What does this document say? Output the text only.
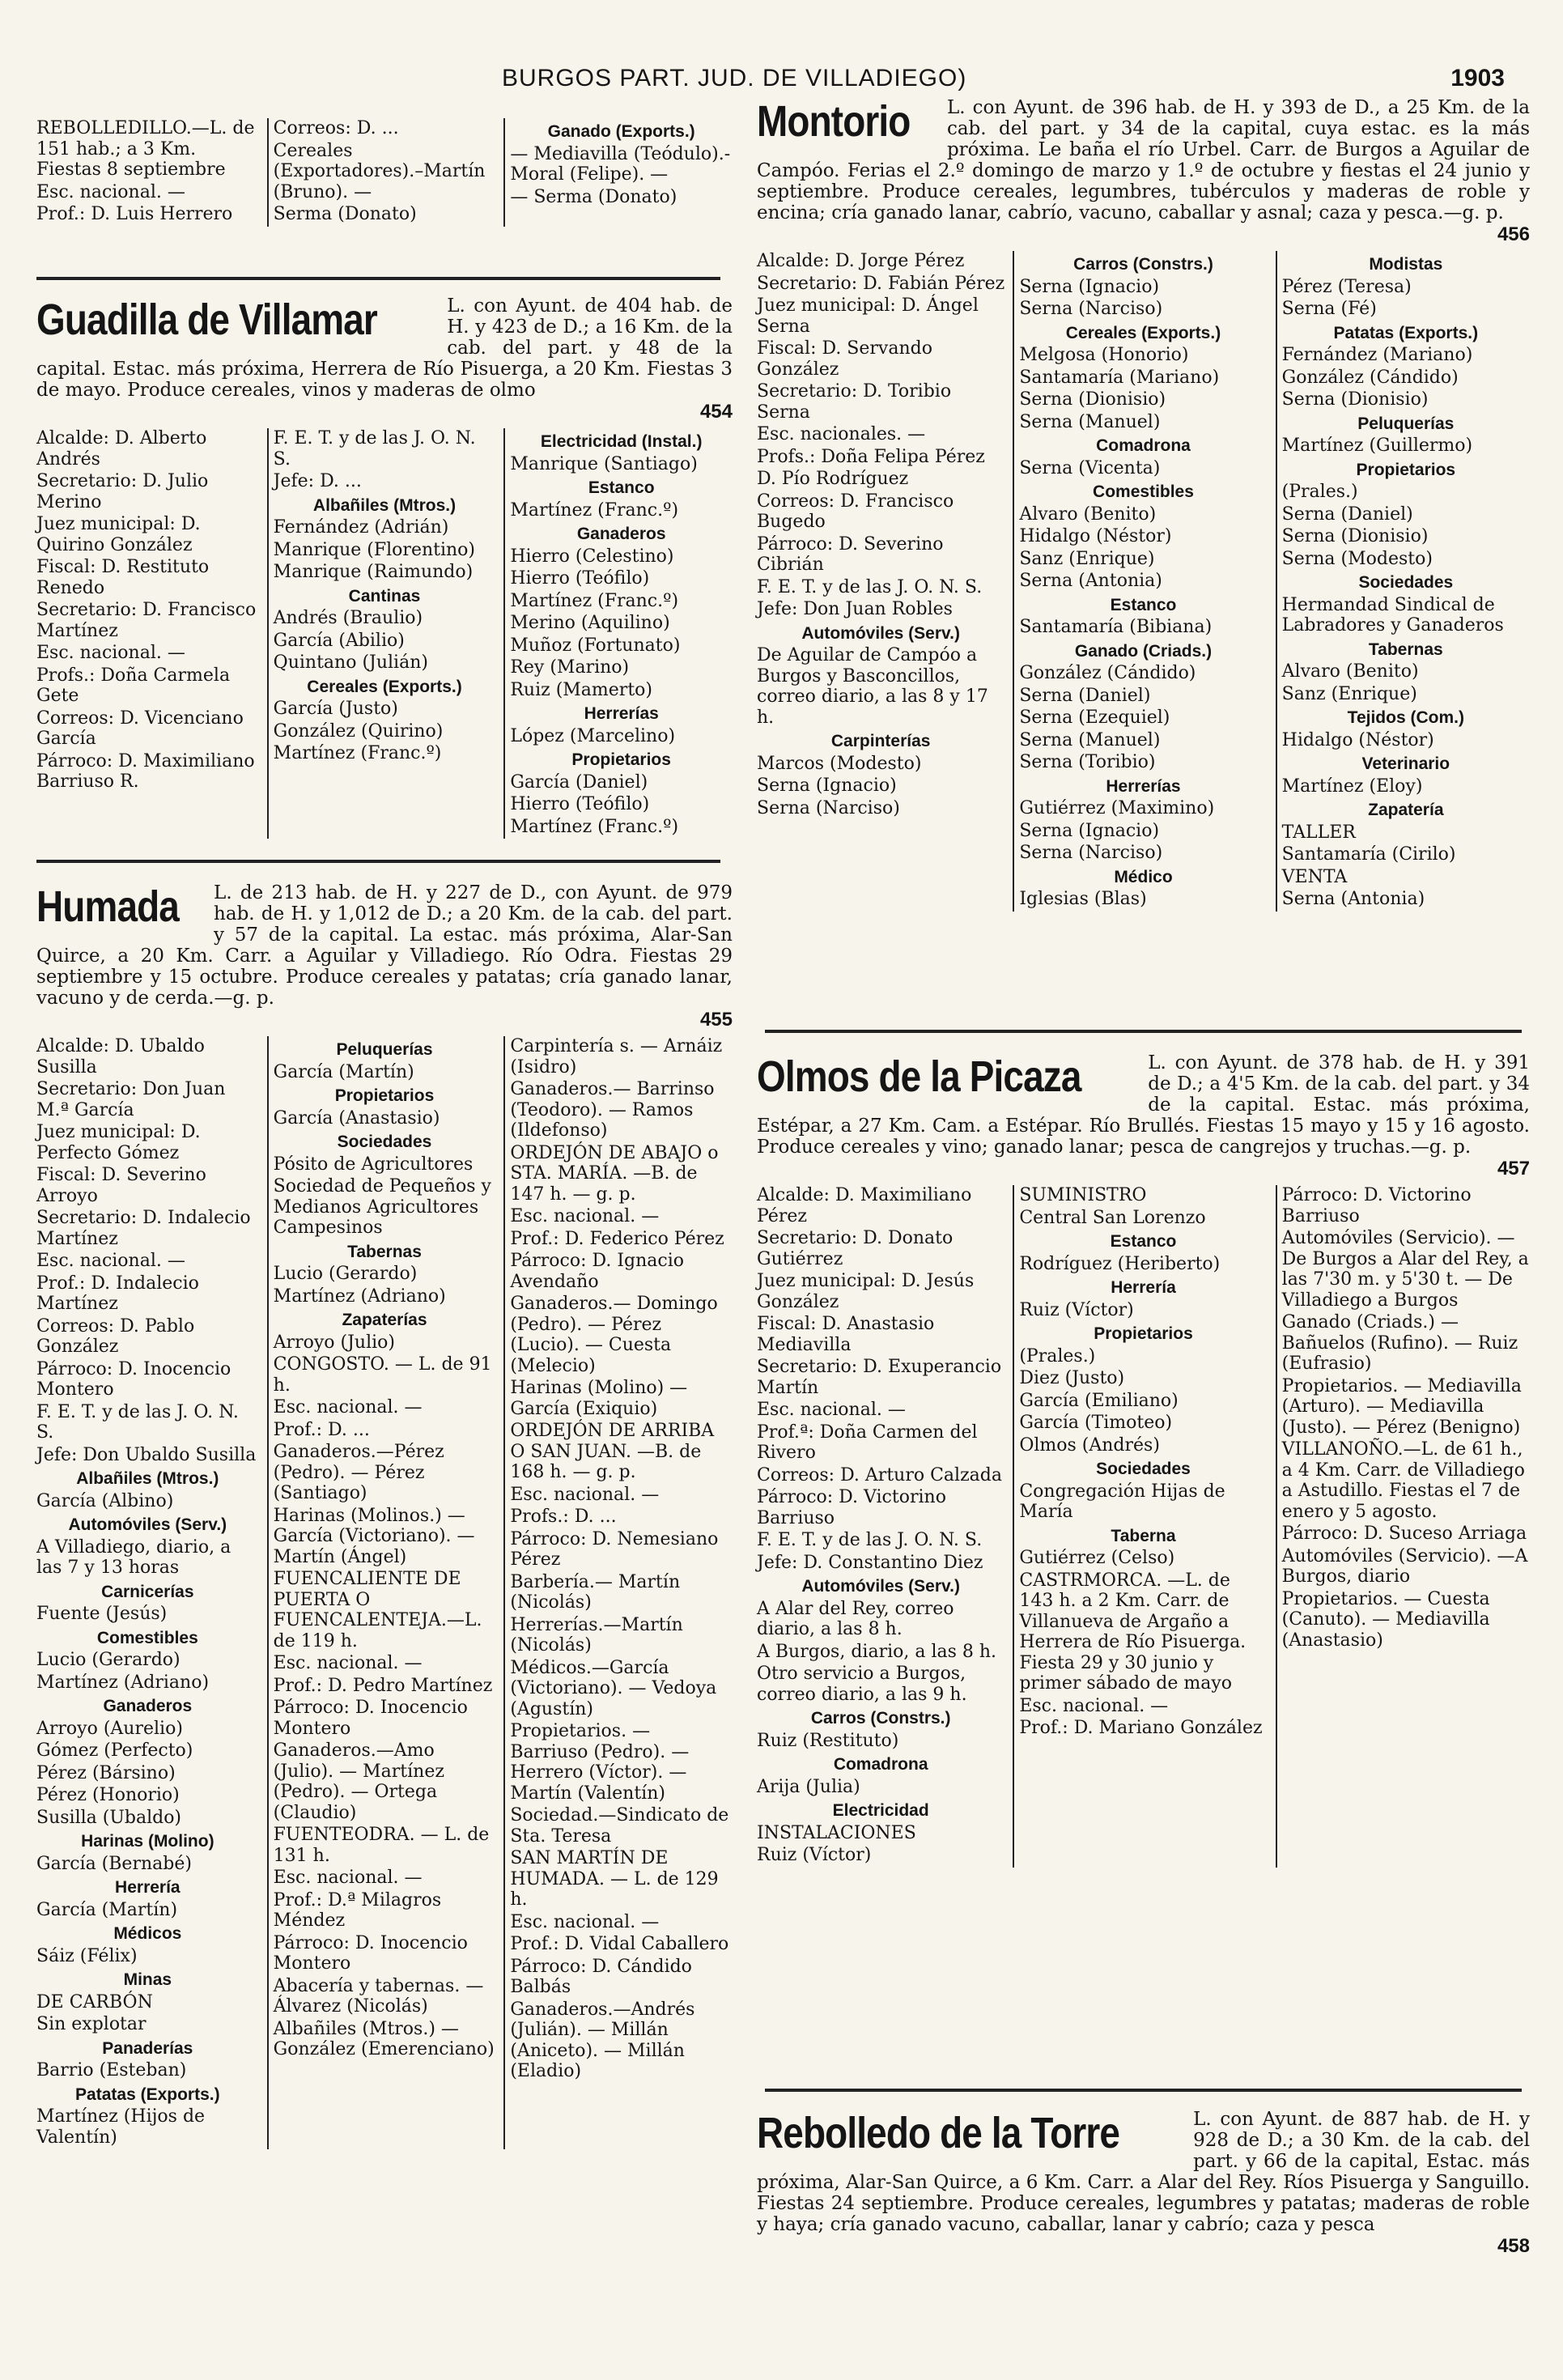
BURGOS PART. JUD. DE VILLADIEGO)	1903

REBOLLEDILLO.—L. de 151 hab.; a 3 Km. Fiestas 8 septiembre

Esc. nacional. —

Prof.: D. Luis Herrero

Correos: D. ...

Cereales (Exportadores).–Martín (Bruno). —

Serma (Donato)

Ganado (Exports.)

— Mediavilla (Teódulo).-Moral (Felipe). —

— Serma (Donato)

Guadilla de Villamar	L. con Ayunt. de 404 hab. de H. y 423 de D.; a 16 Km. de la cab. del part. y 48 de la capital. Estac. más próxima, Herrera de Río Pisuerga, a 20 Km. Fiestas 3 de mayo. Produce cereales, vinos y maderas de olmo
454

Alcalde: D. Alberto Andrés

Secretario: D. Julio Merino

Juez municipal: D. Quirino González

Fiscal: D. Restituto Renedo

Secretario: D. Francisco Martínez

Esc. nacional. —

Profs.: Doña Carmela Gete

Correos: D. Vicenciano García

Párroco: D. Maximiliano Barriuso R.

F. E. T. y de las J. O. N. S.

Jefe: D. ...

Albañiles (Mtros.)

Fernández (Adrián)

Manrique (Florentino)

Manrique (Raimundo)

Cantinas

Andrés (Braulio)

García (Abilio)

Quintano (Julián)

Cereales (Exports.)

García (Justo)

González (Quirino)

Martínez (Franc.º)

Electricidad (Instal.)

Manrique (Santiago)

Estanco

Martínez (Franc.º)

Ganaderos

Hierro (Celestino)

Hierro (Teófilo)

Martínez (Franc.º)

Merino (Aquilino)

Muñoz (Fortunato)

Rey (Marino)

Ruiz (Mamerto)

Herrerías

López (Marcelino)

Propietarios

García (Daniel)

Hierro (Teófilo)

Martínez (Franc.º)

Humada	L. de 213 hab. de H. y 227 de D., con Ayunt. de 979 hab. de H. y 1,012 de D.; a 20 Km. de la cab. del part. y 57 de la capital. La estac. más próxima, Alar-San Quirce, a 20 Km. Carr. a Aguilar y Villadiego. Río Odra. Fiestas 29 septiembre y 15 octubre. Produce cereales y patatas; cría ganado lanar, vacuno y de cerda.—g. p.
455

Alcalde: D. Ubaldo Susilla

Secretario: Don Juan M.ª García

Juez municipal: D. Perfecto Gómez

Fiscal: D. Severino Arroyo

Secretario: D. Indalecio Martínez

Esc. nacional. —

Prof.: D. Indalecio Martínez

Correos: D. Pablo González

Párroco: D. Inocencio Montero

F. E. T. y de las J. O. N. S.

Jefe: Don Ubaldo Susilla

Albañiles (Mtros.)

García (Albino)

Automóviles (Serv.)

A Villadiego, diario, a las 7 y 13 horas

Carnicerías

Fuente (Jesús)

Comestibles

Lucio (Gerardo)

Martínez (Adriano)

Ganaderos

Arroyo (Aurelio)

Gómez (Perfecto)

Pérez (Bársino)

Pérez (Honorio)

Susilla (Ubaldo)

Harinas (Molino)

García (Bernabé)

Herrería

García (Martín)

Médicos

Sáiz (Félix)

Minas

DE CARBÓN

Sin explotar

Panaderías

Barrio (Esteban)

Patatas (Exports.)

Martínez (Hijos de Valentín)

Peluquerías

García (Martín)

Propietarios

García (Anastasio)

Sociedades

Pósito de Agricultores

Sociedad de Pequeños y Medianos Agricultores Campesinos

Tabernas

Lucio (Gerardo)

Martínez (Adriano)

Zapaterías

Arroyo (Julio)

CONGOSTO. — L. de 91 h.

Esc. nacional. —

Prof.: D. ...

Ganaderos.—Pérez (Pedro). — Pérez (Santiago)

Harinas (Molinos.) — García (Victoriano). — Martín (Ángel)

FUENCALIENTE DE PUERTA O FUENCALENTEJA.—L. de 119 h.

Esc. nacional. —

Prof.: D. Pedro Martínez

Párroco: D. Inocencio Montero

Ganaderos.—Amo (Julio). — Martínez (Pedro). — Ortega (Claudio)

FUENTEODRA. — L. de 131 h.

Esc. nacional. —

Prof.: D.ª Milagros Méndez

Párroco: D. Inocencio Montero

Abacería y tabernas. — Álvarez (Nicolás)

Albañiles (Mtros.) — González (Emerenciano)

Carpintería s. — Arnáiz (Isidro)

Ganaderos.— Barrinso (Teodoro). — Ramos (Ildefonso)

ORDEJÓN DE ABAJO o STA. MARÍA. —B. de 147 h. — g. p.

Esc. nacional. —

Prof.: D. Federico Pérez

Párroco: D. Ignacio Avendaño

Ganaderos.— Domingo (Pedro). — Pérez (Lucio). — Cuesta (Melecio)

Harinas (Molino) —García (Exiquio)

ORDEJÓN DE ARRIBA O SAN JUAN. —B. de 168 h. — g. p.

Esc. nacional. —

Profs.: D. ...

Párroco: D. Nemesiano Pérez

Barbería.— Martín (Nicolás)

Herrerías.—Martín (Nicolás)

Médicos.—García (Victoriano). — Vedoya (Agustín)

Propietarios. — Barriuso (Pedro). — Herrero (Víctor). — Martín (Valentín)

Sociedad.—Sindicato de Sta. Teresa

SAN MARTÍN DE HUMADA. — L. de 129 h.

Esc. nacional. —

Prof.: D. Vidal Caballero

Párroco: D. Cándido Balbás

Ganaderos.—Andrés (Julián). — Millán (Aniceto). — Millán (Eladio)

Montorio	L. con Ayunt. de 396 hab. de H. y 393 de D., a 25 Km. de la cab. del part. y 34 de la capital, cuya estac. es la más próxima. Le baña el río Urbel. Carr. de Burgos a Aguilar de Campóo. Ferias el 2.º domingo de marzo y 1.º de octubre y fiestas el 24 junio y septiembre. Produce cereales, legumbres, tubérculos y maderas de roble y encina; cría ganado lanar, cabrío, vacuno, caballar y asnal; caza y pesca.—g. p.
456

Alcalde: D. Jorge Pérez

Secretario: D. Fabián Pérez

Juez municipal: D. Ángel Serna

Fiscal: D. Servando González

Secretario: D. Toribio Serna

Esc. nacionales. —

Profs.: Doña Felipa Pérez

D. Pío Rodríguez

Correos: D. Francisco Bugedo

Párroco: D. Severino Cibrián

F. E. T. y de las J. O. N. S.

Jefe: Don Juan Robles

Automóviles (Serv.)

De Aguilar de Campóo a Burgos y Basconcillos, correo diario, a las 8 y 17 h.

Carpinterías

Marcos (Modesto)

Serna (Ignacio)

Serna (Narciso)

Carros (Constrs.)

Serna (Ignacio)

Serna (Narciso)

Cereales (Exports.)

Melgosa (Honorio)

Santamaría (Mariano)

Serna (Dionisio)

Serna (Manuel)

Comadrona

Serna (Vicenta)

Comestibles

Alvaro (Benito)

Hidalgo (Néstor)

Sanz (Enrique)

Serna (Antonia)

Estanco

Santamaría (Bibiana)

Ganado (Criads.)

González (Cándido)

Serna (Daniel)

Serna (Ezequiel)

Serna (Manuel)

Serna (Toribio)

Herrerías

Gutiérrez (Maximino)

Serna (Ignacio)

Serna (Narciso)

Médico

Iglesias (Blas)

Modistas

Pérez (Teresa)

Serna (Fé)

Patatas (Exports.)

Fernández (Mariano)

González (Cándido)

Serna (Dionisio)

Peluquerías

Martínez (Guillermo)

Propietarios

(Prales.)

Serna (Daniel)

Serna (Dionisio)

Serna (Modesto)

Sociedades

Hermandad Sindical de Labradores y Ganaderos

Tabernas

Alvaro (Benito)

Sanz (Enrique)

Tejidos (Com.)

Hidalgo (Néstor)

Veterinario

Martínez (Eloy)

Zapatería

TALLER

Santamaría (Cirilo)

VENTA

Serna (Antonia)

Olmos de la Picaza	L. con Ayunt. de 378 hab. de H. y 391 de D.; a 4'5 Km. de la cab. del part. y 34 de la capital. Estac. más próxima, Estépar, a 27 Km. Cam. a Estépar. Río Brullés. Fiestas 15 mayo y 15 y 16 agosto. Produce cereales y vino; ganado lanar; pesca de cangrejos y truchas.—g. p.
457

Alcalde: D. Maximiliano Pérez

Secretario: D. Donato Gutiérrez

Juez municipal: D. Jesús González

Fiscal: D. Anastasio Mediavilla

Secretario: D. Exuperancio Martín

Esc. nacional. —

Prof.ª: Doña Carmen del Rivero

Correos: D. Arturo Calzada

Párroco: D. Victorino Barriuso

F. E. T. y de las J. O. N. S.

Jefe: D. Constantino Diez

Automóviles (Serv.)

A Alar del Rey, correo diario, a las 8 h.

A Burgos, diario, a las 8 h.

Otro servicio a Burgos, correo diario, a las 9 h.

Carros (Constrs.)

Ruiz (Restituto)

Comadrona

Arija (Julia)

Electricidad

INSTALACIONES

Ruiz (Víctor)

SUMINISTRO

Central San Lorenzo

Estanco

Rodríguez (Heriberto)

Herrería

Ruiz (Víctor)

Propietarios

(Prales.)

Diez (Justo)

García (Emiliano)

García (Timoteo)

Olmos (Andrés)

Sociedades

Congregación Hijas de María

Taberna

Gutiérrez (Celso)

CASTRMORCA. —L. de 143 h. a 2 Km. Carr. de Villanueva de Argaño a Herrera de Río Pisuerga. Fiesta 29 y 30 junio y primer sábado de mayo

Esc. nacional. —

Prof.: D. Mariano González

Párroco: D. Victorino Barriuso

Automóviles (Servicio). — De Burgos a Alar del Rey, a las 7'30 m. y 5'30 t. — De Villadiego a Burgos

Ganado (Criads.) —Bañuelos (Rufino). — Ruiz (Eufrasio)

Propietarios. — Mediavilla (Arturo). — Mediavilla (Justo). — Pérez (Benigno)

VILLANOÑO.—L. de 61 h., a 4 Km. Carr. de Villadiego a Astudillo. Fiestas el 7 de enero y 5 agosto.

Párroco: D. Suceso Arriaga

Automóviles (Servicio). —A Burgos, diario

Propietarios. — Cuesta (Canuto). — Mediavilla (Anastasio)

Rebolledo de la Torre	L. con Ayunt. de 887 hab. de H. y 928 de D.; a 30 Km. de la cab. del part. y 66 de la capital, Estac. más próxima, Alar-San Quirce, a 6 Km. Carr. a Alar del Rey. Ríos Pisuerga y Sanguillo. Fiestas 24 septiembre. Produce cereales, legumbres y patatas; maderas de roble y haya; cría ganado vacuno, caballar, lanar y cabrío; caza y pesca
458
